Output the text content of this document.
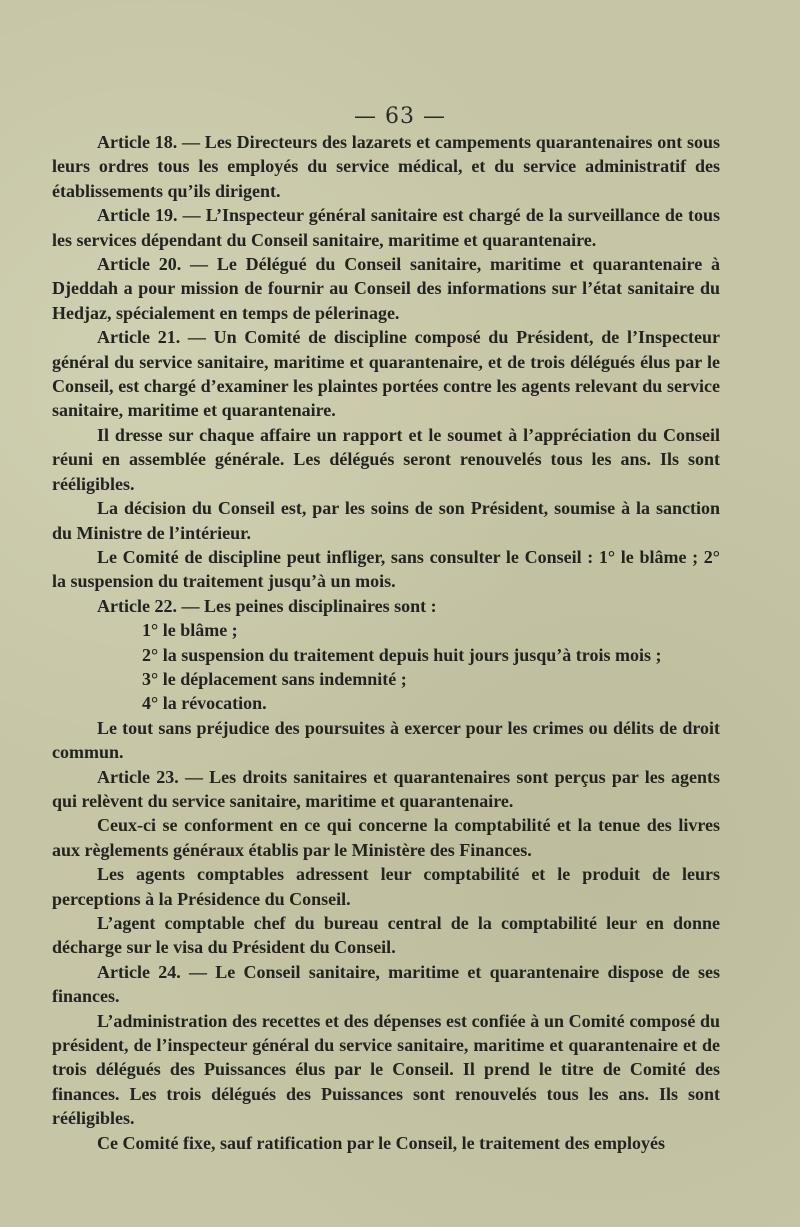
— 63 —

Article 18. — Les Directeurs des lazarets et campements quarantenaires ont sous leurs ordres tous les employés du service médical, et du service administratif des établissements qu’ils dirigent.

Article 19. — L’Inspecteur général sanitaire est chargé de la surveillance de tous les services dépendant du Conseil sanitaire, maritime et quarantenaire.

Article 20. — Le Délégué du Conseil sanitaire, maritime et quarantenaire à Djeddah a pour mission de fournir au Conseil des informations sur l’état sanitaire du Hedjaz, spécialement en temps de pélerinage.

Article 21. — Un Comité de discipline composé du Président, de l’Inspecteur général du service sanitaire, maritime et quarantenaire, et de trois délégués élus par le Conseil, est chargé d’examiner les plaintes portées contre les agents relevant du service sanitaire, maritime et quarantenaire.

Il dresse sur chaque affaire un rapport et le soumet à l’appréciation du Conseil réuni en assemblée générale. Les délégués seront renouvelés tous les ans. Ils sont rééligibles.

La décision du Conseil est, par les soins de son Président, soumise à la sanction du Ministre de l’intérieur.

Le Comité de discipline peut infliger, sans consulter le Conseil : 1° le blâme ; 2° la suspension du traitement jusqu’à un mois.

Article 22. — Les peines disciplinaires sont :

1° le blâme ;

2° la suspension du traitement depuis huit jours jusqu’à trois mois ;

3° le déplacement sans indemnité ;

4° la révocation.

Le tout sans préjudice des poursuites à exercer pour les crimes ou délits de droit commun.

Article 23. — Les droits sanitaires et quarantenaires sont perçus par les agents qui relèvent du service sanitaire, maritime et quarantenaire.

Ceux-ci se conforment en ce qui concerne la comptabilité et la tenue des livres aux règlements généraux établis par le Ministère des Finances.

Les agents comptables adressent leur comptabilité et le produit de leurs perceptions à la Présidence du Conseil.

L’agent comptable chef du bureau central de la comptabilité leur en donne décharge sur le visa du Président du Conseil.

Article 24. — Le Conseil sanitaire, maritime et quarantenaire dispose de ses finances.

L’administration des recettes et des dépenses est confiée à un Comité composé du président, de l’inspecteur général du service sanitaire, maritime et quarantenaire et de trois délégués des Puissances élus par le Conseil. Il prend le titre de Comité des finances. Les trois délégués des Puissances sont renouvelés tous les ans. Ils sont rééligibles.

Ce Comité fixe, sauf ratification par le Conseil, le traitement des employés
